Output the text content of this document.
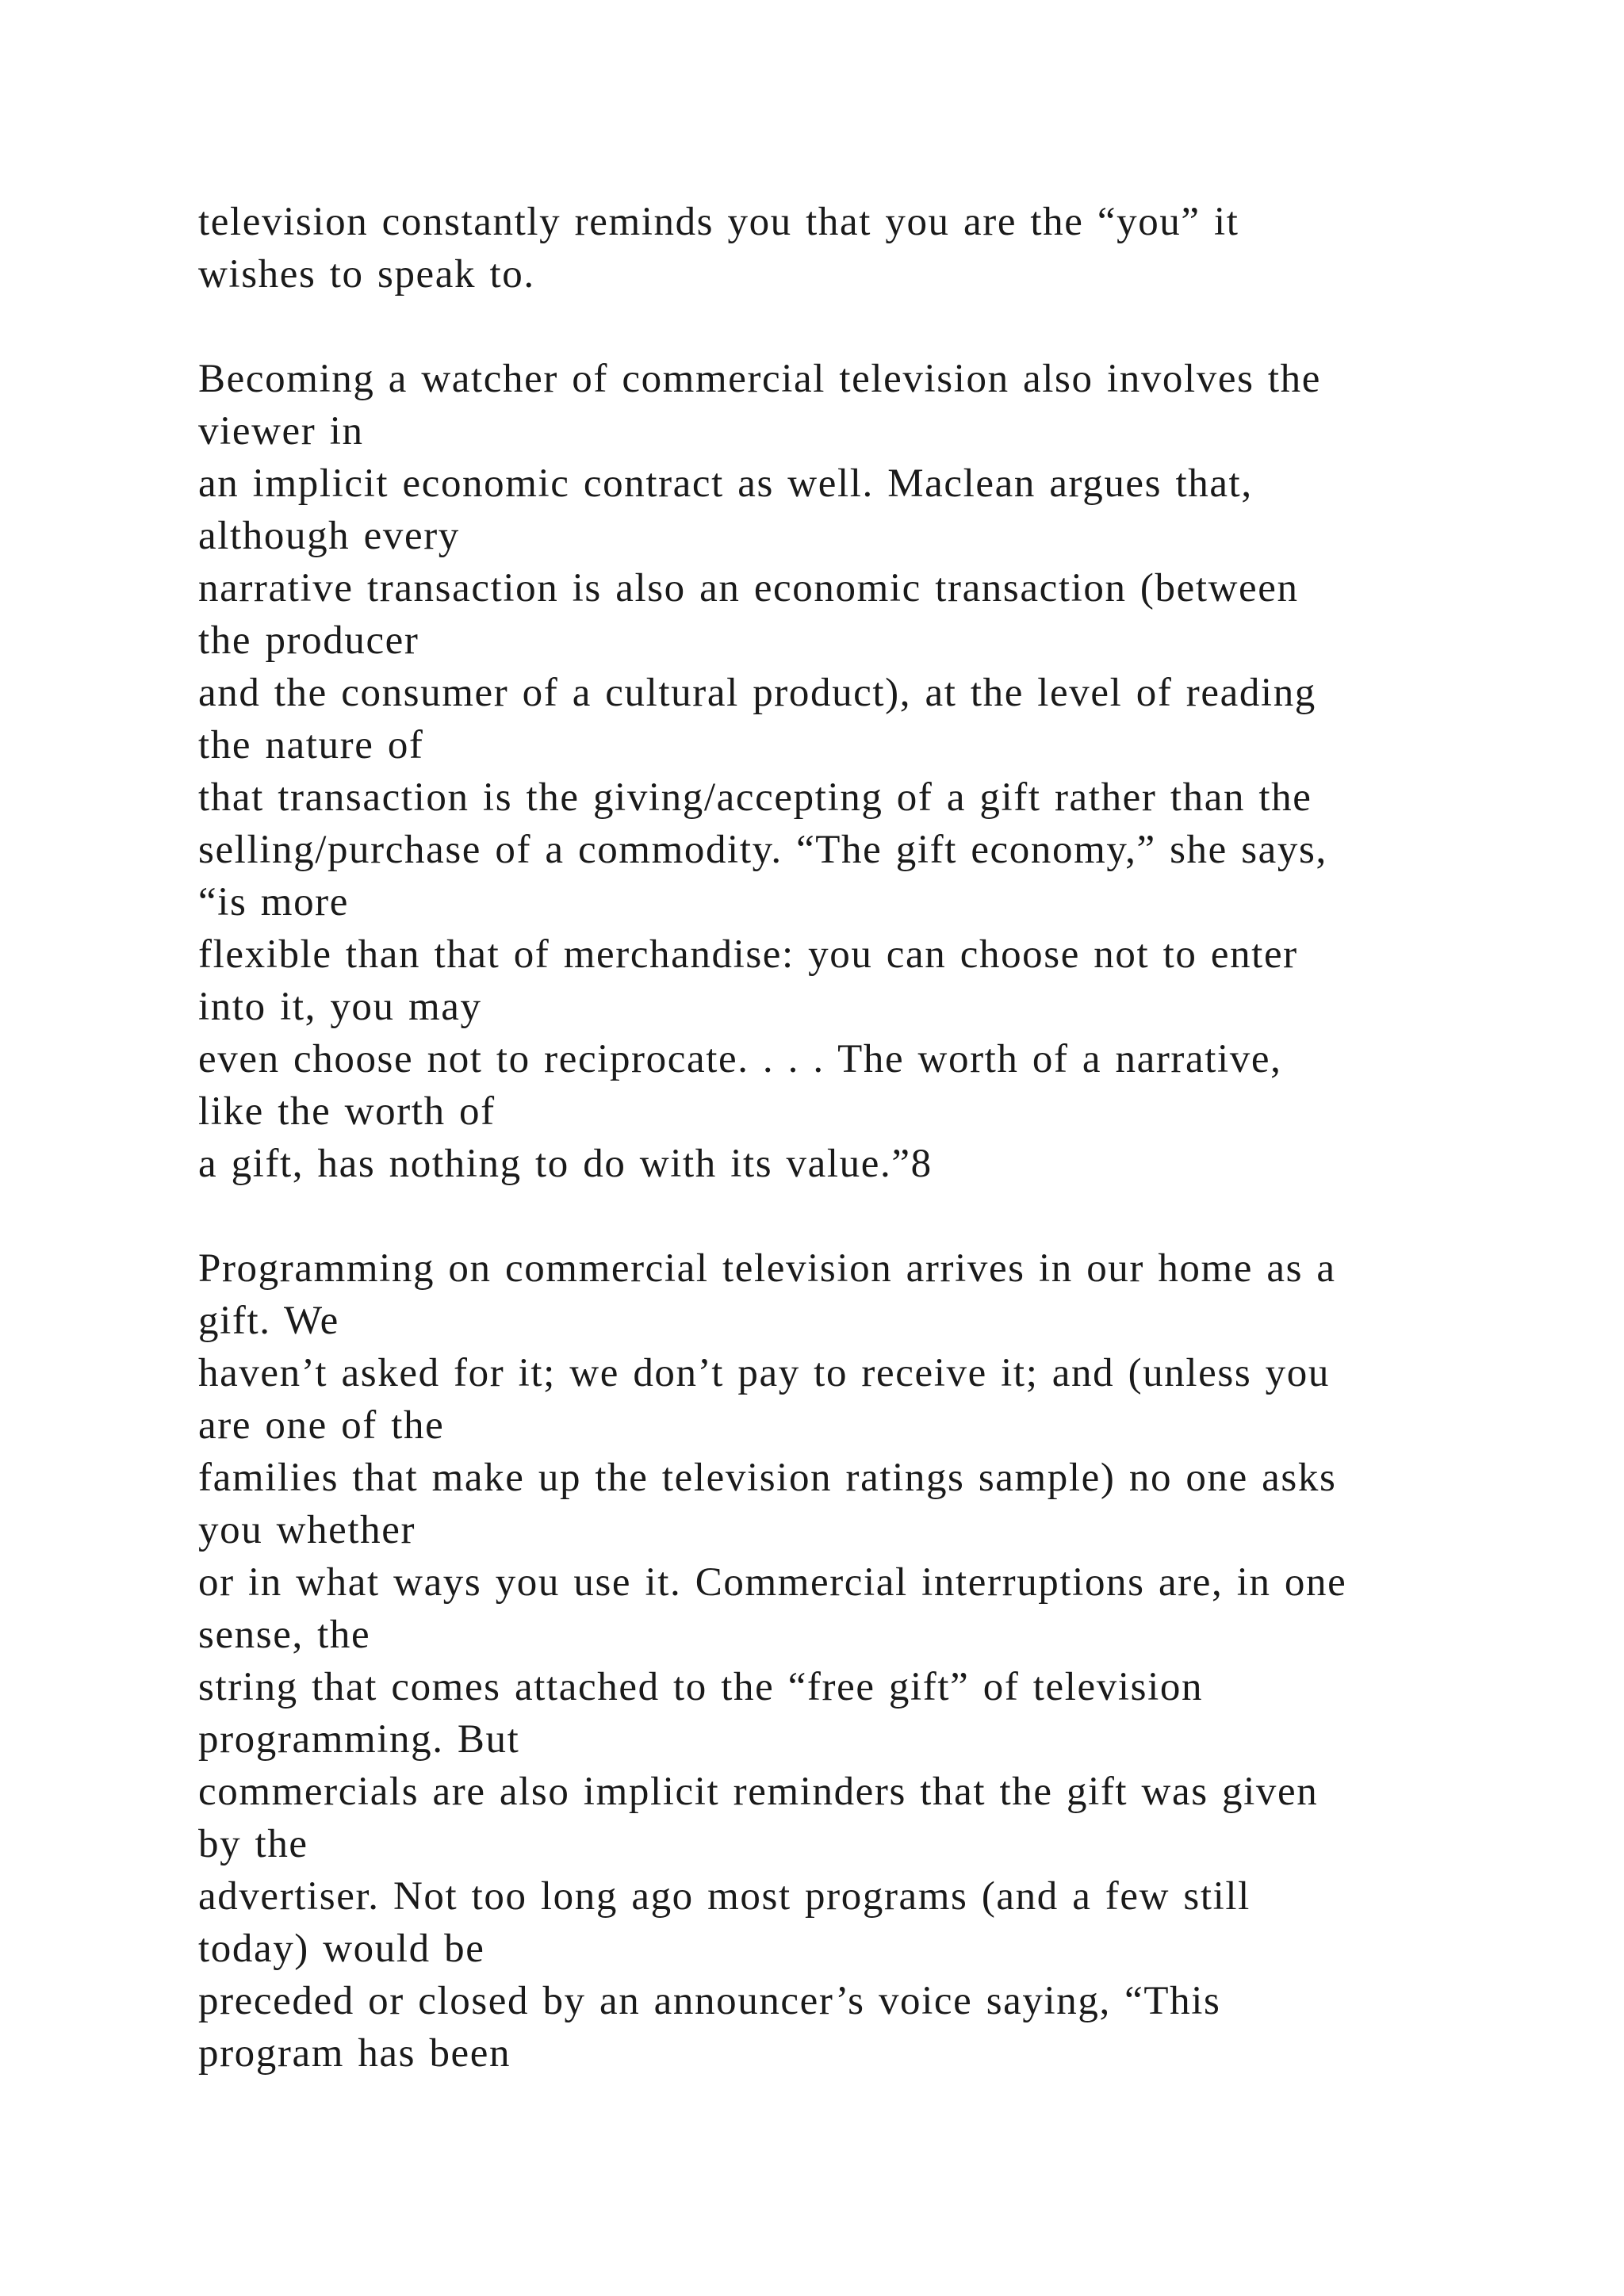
television constantly reminds you that you are the “you” it
wishes to speak to.
Becoming a watcher of commercial television also involves the
viewer in
an implicit economic contract as well. Maclean argues that,
although every
narrative transaction is also an economic transaction (between
the producer
and the consumer of a cultural product), at the level of reading
the nature of
that transaction is the giving/accepting of a gift rather than the
selling/purchase of a commodity. “The gift economy,” she says,
“is more
flexible than that of merchandise: you can choose not to enter
into it, you may
even choose not to reciprocate. . . . The worth of a narrative,
like the worth of
a gift, has nothing to do with its value.”8
Programming on commercial television arrives in our home as a
gift. We
haven’t asked for it; we don’t pay to receive it; and (unless you
are one of the
families that make up the television ratings sample) no one asks
you whether
or in what ways you use it. Commercial interruptions are, in one
sense, the
string that comes attached to the “free gift” of television
programming. But
commercials are also implicit reminders that the gift was given
by the
advertiser. Not too long ago most programs (and a few still
today) would be
preceded or closed by an announcer’s voice saying, “This
program has been
